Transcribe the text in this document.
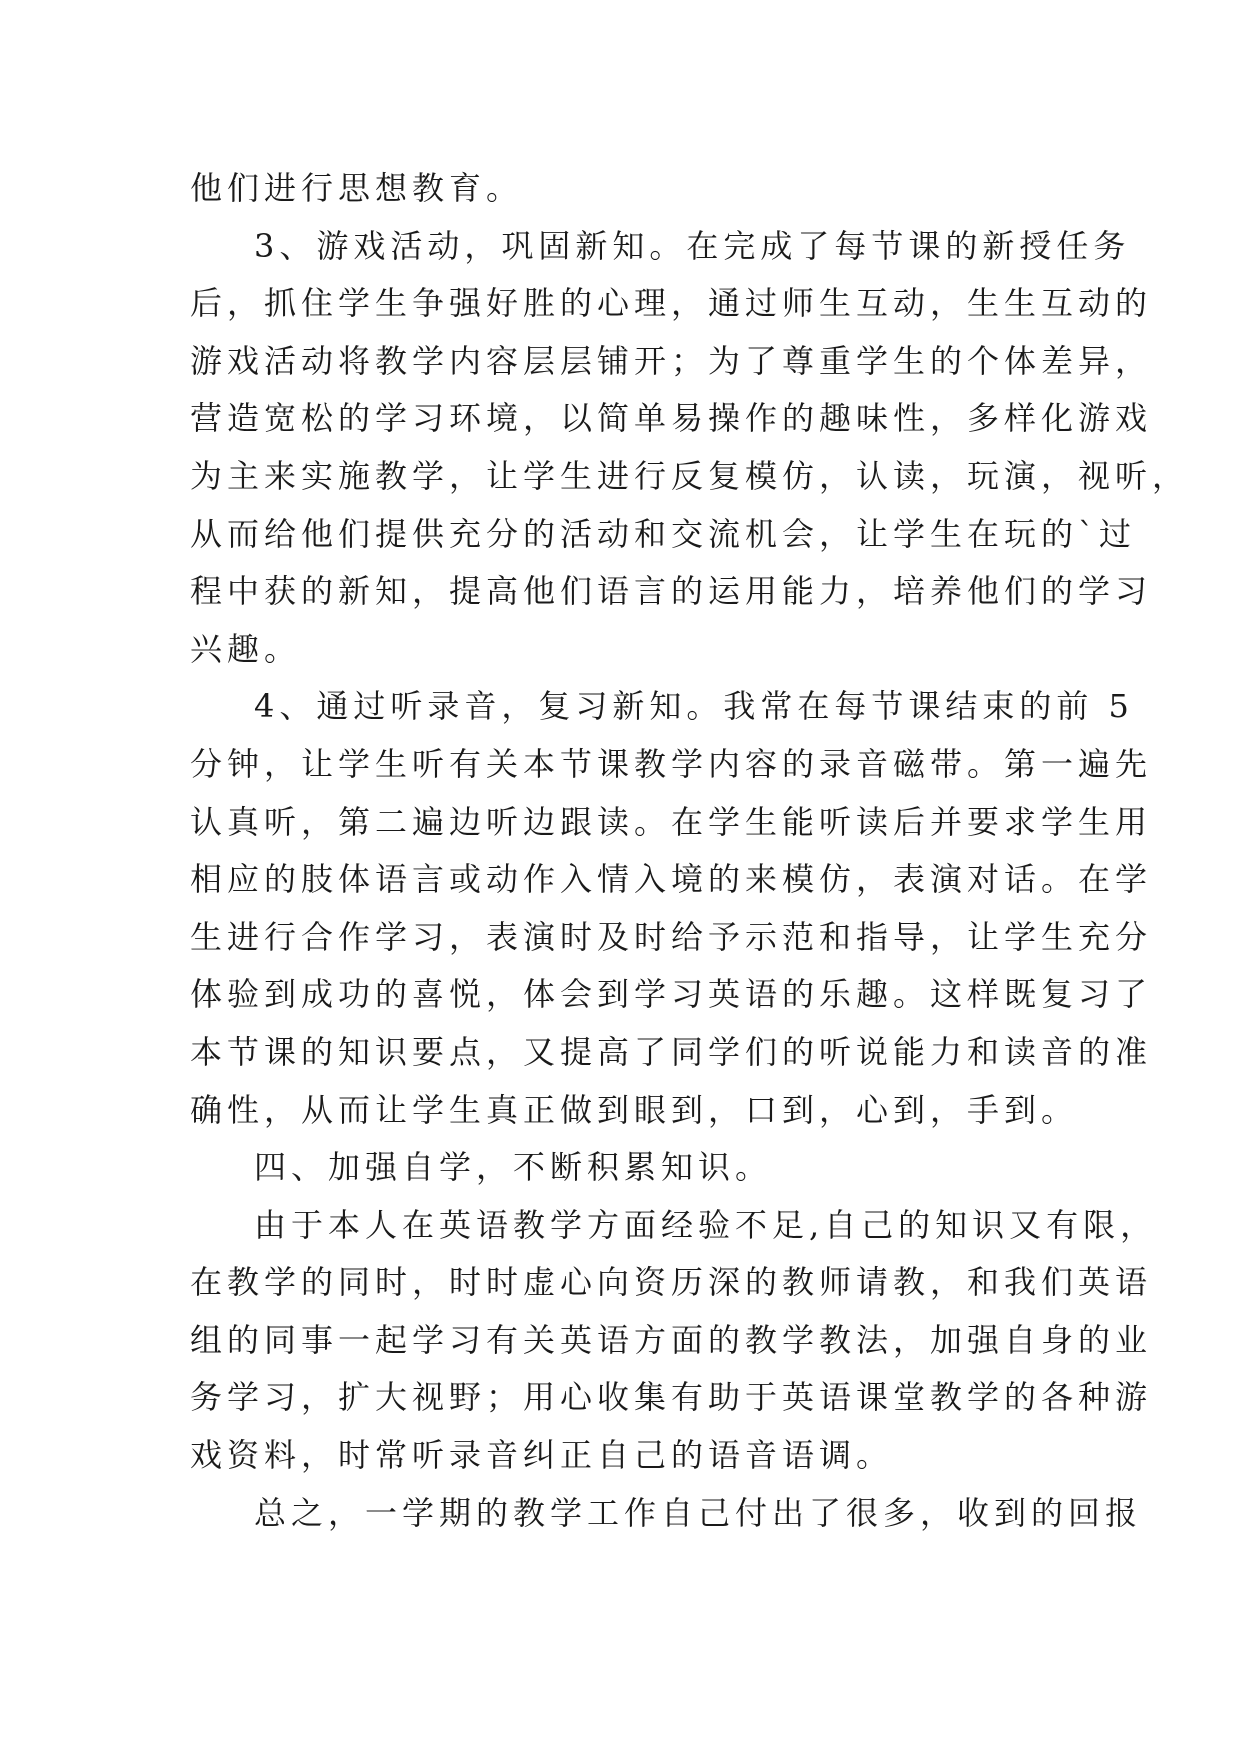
他们进行思想教育。
3、游戏活动，巩固新知。在完成了每节课的新授任务
后，抓住学生争强好胜的心理，通过师生互动，生生互动的
游戏活动将教学内容层层铺开；为了尊重学生的个体差异，
营造宽松的学习环境，以简单易操作的趣味性，多样化游戏
为主来实施教学，让学生进行反复模仿，认读，玩演，视听，
从而给他们提供充分的活动和交流机会，让学生在玩的`过
程中获的新知，提高他们语言的运用能力，培养他们的学习
兴趣。
4、通过听录音，复习新知。我常在每节课结束的前 5
分钟，让学生听有关本节课教学内容的录音磁带。第一遍先
认真听，第二遍边听边跟读。在学生能听读后并要求学生用
相应的肢体语言或动作入情入境的来模仿，表演对话。在学
生进行合作学习，表演时及时给予示范和指导，让学生充分
体验到成功的喜悦，体会到学习英语的乐趣。这样既复习了
本节课的知识要点，又提高了同学们的听说能力和读音的准
确性，从而让学生真正做到眼到，口到，心到，手到。
四、加强自学，不断积累知识。
由于本人在英语教学方面经验不足,自己的知识又有限，
在教学的同时，时时虚心向资历深的教师请教，和我们英语
组的同事一起学习有关英语方面的教学教法，加强自身的业
务学习，扩大视野；用心收集有助于英语课堂教学的各种游
戏资料，时常听录音纠正自己的语音语调。
总之，一学期的教学工作自己付出了很多，收到的回报
